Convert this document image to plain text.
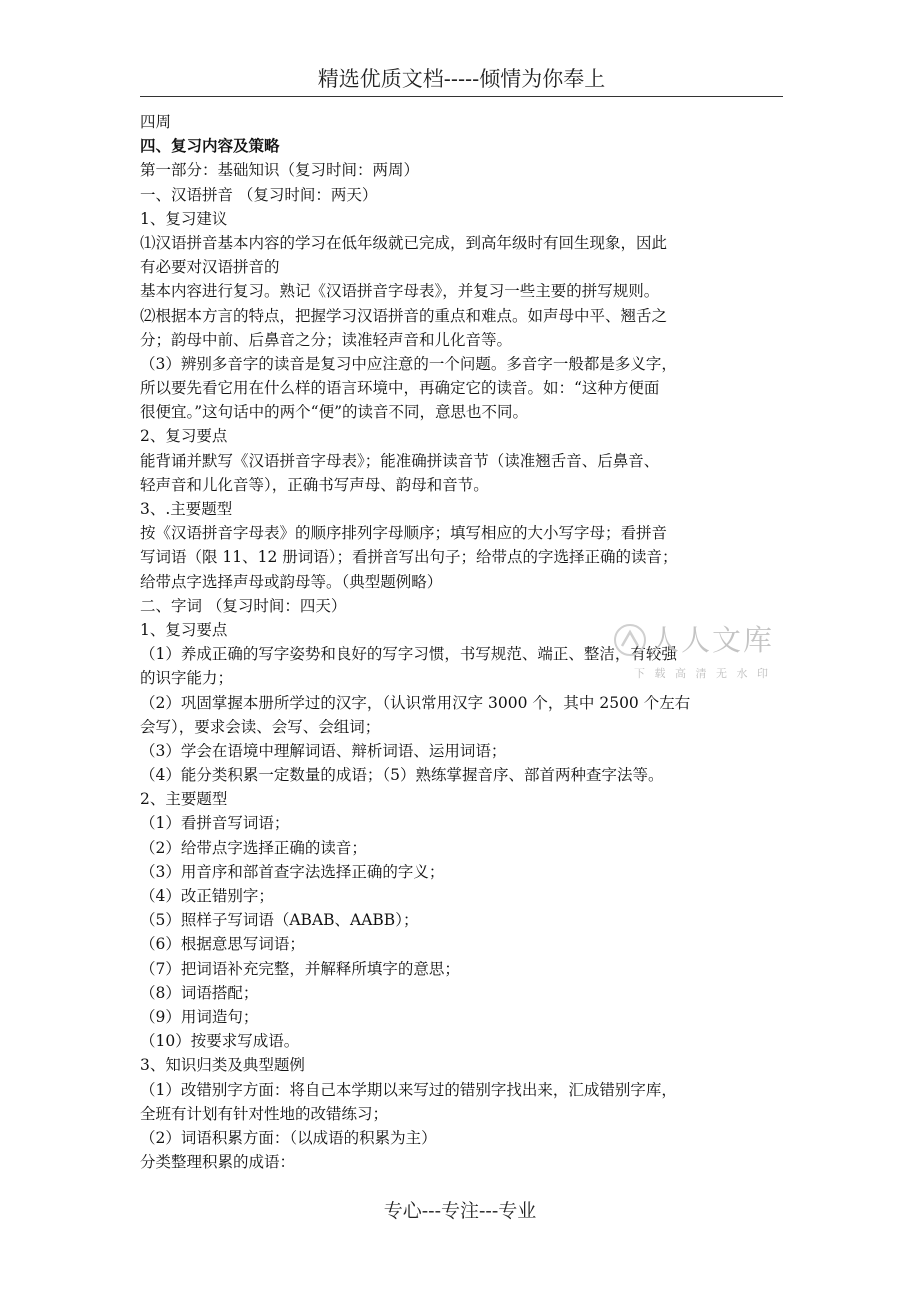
精选优质文档-----倾情为你奉上
四周
四、复习内容及策略
第一部分：基础知识（复习时间：两周）
一、汉语拼音 （复习时间：两天）
1、复习建议
⑴汉语拼音基本内容的学习在低年级就已完成，到高年级时有回生现象，因此
有必要对汉语拼音的
基本内容进行复习。熟记《汉语拼音字母表》，并复习一些主要的拼写规则。
⑵根据本方言的特点，把握学习汉语拼音的重点和难点。如声母中平、翘舌之
分；韵母中前、后鼻音之分；读准轻声音和儿化音等。
（3）辨别多音字的读音是复习中应注意的一个问题。多音字一般都是多义字，
所以要先看它用在什么样的语言环境中，再确定它的读音。如：“这种方便面
很便宜。”这句话中的两个“便”的读音不同，意思也不同。
2、复习要点
能背诵并默写《汉语拼音字母表》；能准确拼读音节（读准翘舌音、后鼻音、
轻声音和儿化音等），正确书写声母、韵母和音节。
3、.主要题型
按《汉语拼音字母表》的顺序排列字母顺序；填写相应的大小写字母；看拼音
写词语（限 11、12 册词语）；看拼音写出句子；给带点的字选择正确的读音；
给带点字选择声母或韵母等。（典型题例略）
二、字词 （复习时间：四天）
1、复习要点
（1）养成正确的写字姿势和良好的写字习惯，书写规范、端正、整洁，有较强
的识字能力；
（2）巩固掌握本册所学过的汉字，（认识常用汉字 3000 个，其中 2500 个左右
会写），要求会读、会写、会组词；
（3）学会在语境中理解词语、辩析词语、运用词语；
（4）能分类积累一定数量的成语；（5）熟练掌握音序、部首两种查字法等。
2、主要题型
（1）看拼音写词语；
（2）给带点字选择正确的读音；
（3）用音序和部首查字法选择正确的字义；
（4）改正错别字；
（5）照样子写词语（ABAB、AABB）；
（6）根据意思写词语；
（7）把词语补充完整，并解释所填字的意思；
（8）词语搭配；
（9）用词造句；
（10）按要求写成语。
3、知识归类及典型题例
（1）改错别字方面：将自己本学期以来写过的错别字找出来，汇成错别字库，
全班有计划有针对性地的改错练习；
（2）词语积累方面：（以成语的积累为主）
分类整理积累的成语：
人人文库
下 载 高 清 无 水 印
专心---专注---专业
